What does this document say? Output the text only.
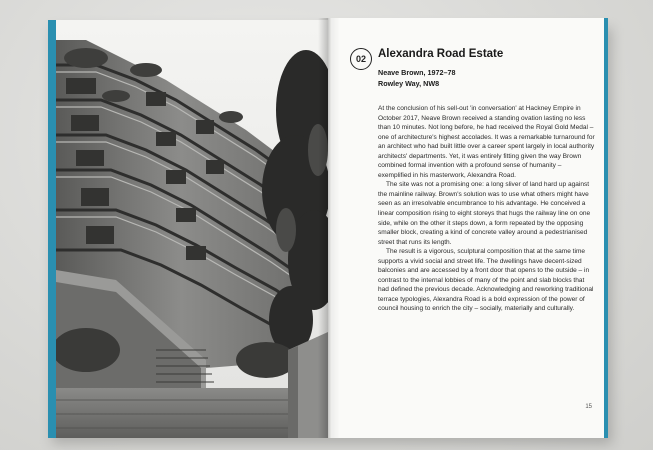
02	Alexandra Road Estate
Neave Brown, 1972–78
Rowley Way, NW8

At the conclusion of his sell-out 'in conversation' at Hackney Empire in October 2017, Neave Brown received a standing ovation lasting no less than 10 minutes. Not long before, he had received the Royal Gold Medal – one of architecture's highest accolades. It was a remarkable turnaround for an architect who had built little over a career spent largely in local authority architects' departments. Yet, it was entirely fitting given the way Brown combined formal invention with a profound sense of humanity – exemplified in his masterwork, Alexandra Road.

The site was not a promising one: a long sliver of land hard up against the mainline railway. Brown's solution was to use what others might have seen as an irresolvable encumbrance to his advantage. He conceived a linear composition rising to eight storeys that hugs the railway line on one side, while on the other it steps down, a form repeated by the opposing smaller block, creating a kind of concrete valley around a pedestrianised street that runs its length.

The result is a vigorous, sculptural composition that at the same time supports a vivid social and street life. The dwellings have decent-sized balconies and are accessed by a front door that opens to the outside – in contrast to the internal lobbies of many of the point and slab blocks that had defined the previous decade. Acknowledging and reworking traditional terrace typologies, Alexandra Road is a bold expression of the power of council housing to enrich the city – socially, materially and culturally.

15
